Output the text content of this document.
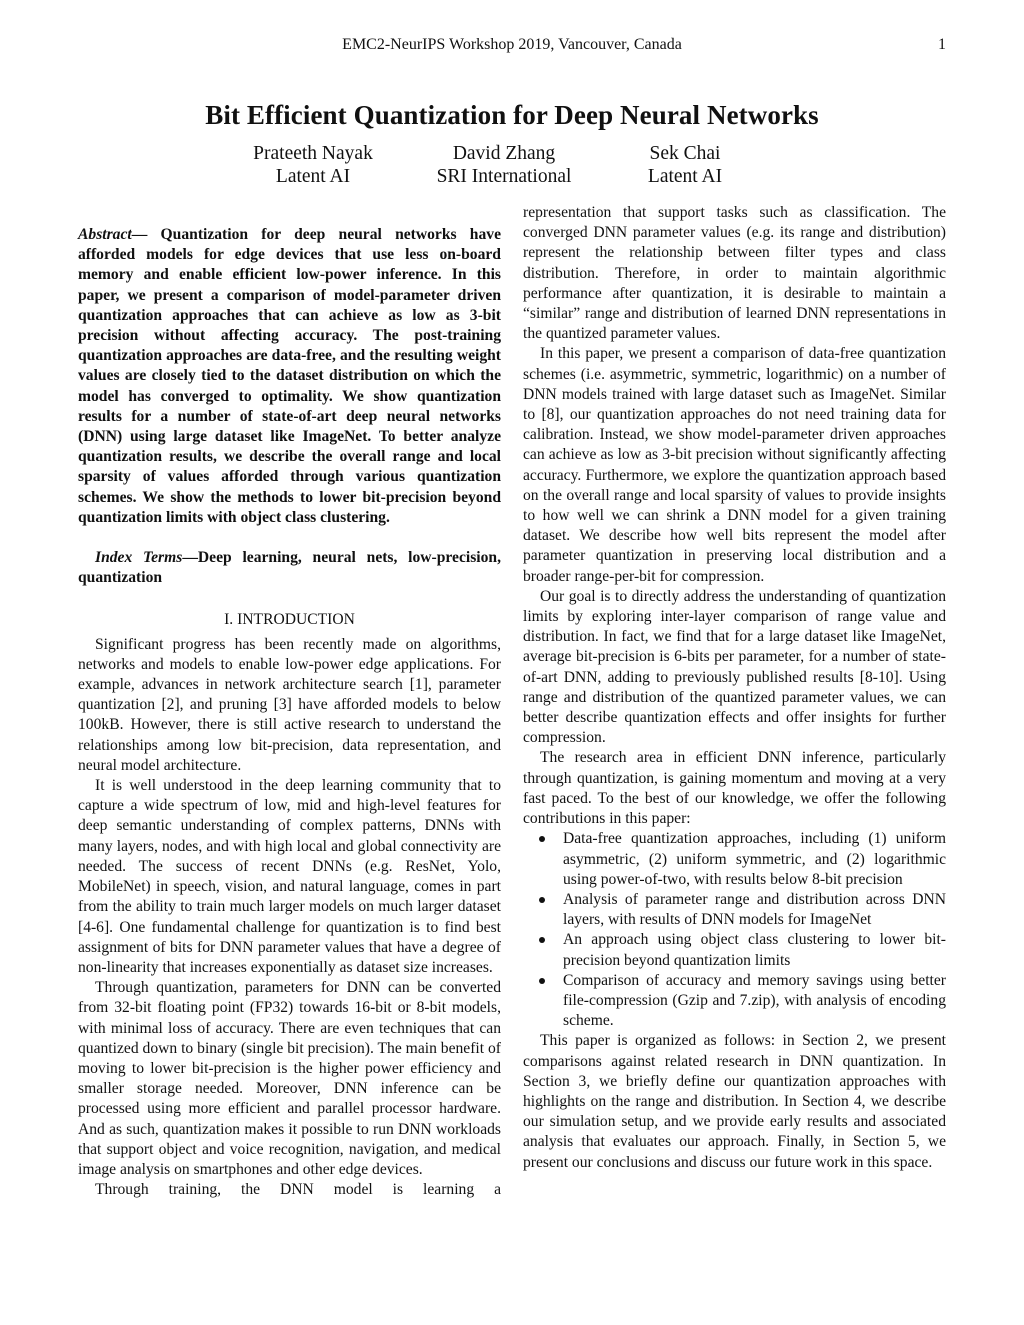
EMC2-NeurIPS Workshop 2019, Vancouver, Canada	1
Bit Efficient Quantization for Deep Neural Networks
Prateeth Nayak
Latent AI
David Zhang
SRI International
Sek Chai
Latent AI

Abstract— Quantization for deep neural networks have afforded models for edge devices that use less on-board memory and enable efficient low-power inference. In this paper, we present a comparison of model-parameter driven quantization approaches that can achieve as low as 3-bit precision without affecting accuracy. The post-training quantization approaches are data-free, and the resulting weight values are closely tied to the dataset distribution on which the model has converged to optimality. We show quantization results for a number of state-of-art deep neural networks (DNN) using large dataset like ImageNet. To better analyze quantization results, we describe the overall range and local sparsity of values afforded through various quantization schemes. We show the methods to lower bit-precision beyond quantization limits with object class clustering.

Index Terms—Deep learning, neural nets, low-precision, quantization

I. INTRODUCTION

Significant progress has been recently made on algorithms, networks and models to enable low-power edge applications. For example, advances in network architecture search [1], parameter quantization [2], and pruning [3] have afforded models to below 100kB. However, there is still active research to understand the relationships among low bit-precision, data representation, and neural model architecture.

It is well understood in the deep learning community that to capture a wide spectrum of low, mid and high-level features for deep semantic understanding of complex patterns, DNNs with many layers, nodes, and with high local and global connectivity are needed. The success of recent DNNs (e.g. ResNet, Yolo, MobileNet) in speech, vision, and natural language, comes in part from the ability to train much larger models on much larger dataset [4-6]. One fundamental challenge for quantization is to find best assignment of bits for DNN parameter values that have a degree of non-linearity that increases exponentially as dataset size increases.

Through quantization, parameters for DNN can be converted from 32-bit floating point (FP32) towards 16-bit or 8-bit models, with minimal loss of accuracy. There are even techniques that can quantized down to binary (single bit precision). The main benefit of moving to lower bit-precision is the higher power efficiency and smaller storage needed. Moreover, DNN inference can be processed using more efficient and parallel processor hardware. And as such, quantization makes it possible to run DNN workloads that support object and voice recognition, navigation, and medical image analysis on smartphones and other edge devices.

Through training, the DNN model is learning a

representation that support tasks such as classification. The converged DNN parameter values (e.g. its range and distribution) represent the relationship between filter types and class distribution. Therefore, in order to maintain algorithmic performance after quantization, it is desirable to maintain a “similar” range and distribution of learned DNN representations in the quantized parameter values.

In this paper, we present a comparison of data-free quantization schemes (i.e. asymmetric, symmetric, logarithmic) on a number of DNN models trained with large dataset such as ImageNet. Similar to [8], our quantization approaches do not need training data for calibration. Instead, we show model-parameter driven approaches can achieve as low as 3-bit precision without significantly affecting accuracy. Furthermore, we explore the quantization approach based on the overall range and local sparsity of values to provide insights to how well we can shrink a DNN model for a given training dataset. We describe how well bits represent the model after parameter quantization in preserving local distribution and a broader range-per-bit for compression.

Our goal is to directly address the understanding of quantization limits by exploring inter-layer comparison of range value and distribution. In fact, we find that for a large dataset like ImageNet, average bit-precision is 6-bits per parameter, for a number of state-of-art DNN, adding to previously published results [8-10]. Using range and distribution of the quantized parameter values, we can better describe quantization effects and offer insights for further compression.

The research area in efficient DNN inference, particularly through quantization, is gaining momentum and moving at a very fast paced. To the best of our knowledge, we offer the following contributions in this paper:

Data-free quantization approaches, including (1) uniform asymmetric, (2) uniform symmetric, and (2) logarithmic using power-of-two, with results below 8-bit precision
Analysis of parameter range and distribution across DNN layers, with results of DNN models for ImageNet
An approach using object class clustering to lower bit-precision beyond quantization limits
Comparison of accuracy and memory savings using better file-compression (Gzip and 7.zip), with analysis of encoding scheme.

This paper is organized as follows: in Section 2, we present comparisons against related research in DNN quantization. In Section 3, we briefly define our quantization approaches with highlights on the range and distribution. In Section 4, we describe our simulation setup, and we provide early results and associated analysis that evaluates our approach. Finally, in Section 5, we present our conclusions and discuss our future work in this space.
